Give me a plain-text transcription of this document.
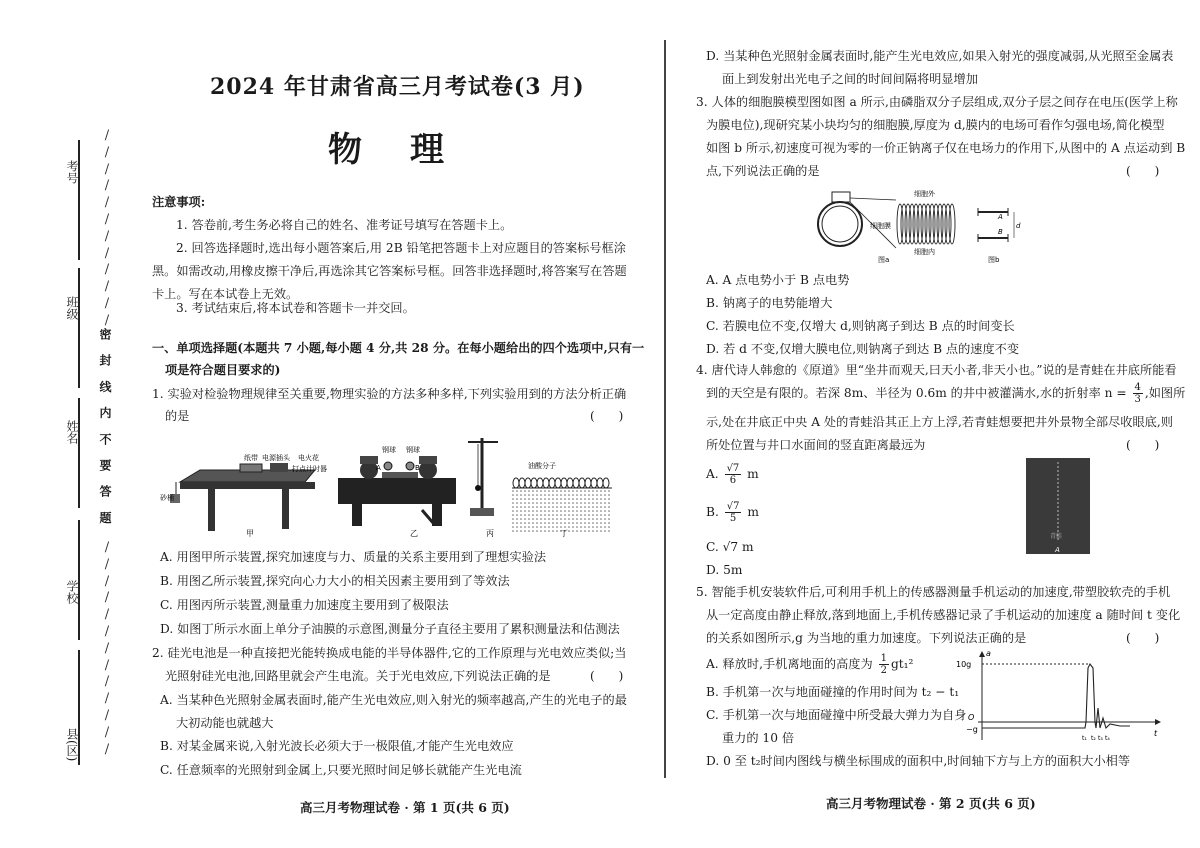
考号
班级
姓名
学校
县(区)
/
/
/
/
/
/
/
/
/
/
/
/
密 封 线 内 不 要 答 题
/
/
/
/
/
/
/
/
/
/
/
/
/
2024 年甘肃省高三月考试卷(3 月)
物理
注意事项:
1. 答卷前,考生务必将自己的姓名、准考证号填写在答题卡上。
2. 回答选择题时,选出每小题答案后,用 2B 铅笔把答题卡上对应题目的答案标号框涂
黑。如需改动,用橡皮擦干净后,再选涂其它答案标号框。回答非选择题时,将答案写在答题
卡上。写在本试卷上无效。
3. 考试结束后,将本试卷和答题卡一并交回。
一、单项选择题(本题共 7 小题,每小题 4 分,共 28 分。在每小题给出的四个选项中,只有一
项是符合题目要求的)
1. 实验对检验物理规律至关重要,物理实验的方法多种多样,下列实验用到的方法分析正确
的是	(　　)
纸带 电源插头 电火花
打点计时器
砂桶
甲
钢球 钢球
A	B
乙	丙
油酸分子
丁
A. 用图甲所示装置,探究加速度与力、质量的关系主要用到了理想实验法
B. 用图乙所示装置,探究向心力大小的相关因素主要用到了等效法
C. 用图丙所示装置,测量重力加速度主要用到了极限法
D. 如图丁所示水面上单分子油膜的示意图,测量分子直径主要用了累积测量法和估测法
2. 硅光电池是一种直接把光能转换成电能的半导体器件,它的工作原理与光电效应类似;当
光照射硅光电池,回路里就会产生电流。关于光电效应,下列说法正确的是	(　　)
A. 当某种色光照射金属表面时,能产生光电效应,则入射光的频率越高,产生的光电子的最
大初动能也就越大
B. 对某金属来说,入射光波长必须大于一极限值,才能产生光电效应
C. 任意频率的光照射到金属上,只要光照时间足够长就能产生光电流
高三月考物理试卷 · 第 1 页(共 6 页)
D. 当某种色光照射金属表面时,能产生光电效应,如果入射光的强度减弱,从光照至金属表
面上到发射出光电子之间的时间间隔将明显增加
3. 人体的细胞膜模型图如图 a 所示,由磷脂双分子层组成,双分子层之间存在电压(医学上称
为膜电位),现研究某小块均匀的细胞膜,厚度为 d,膜内的电场可看作匀强电场,简化模型
如图 b 所示,初速度可视为零的一价正钠离子仅在电场力的作用下,从图中的 A 点运动到 B
点,下列说法正确的是	(　　)
细胞外
细胞膜
细胞内
图a
A
B
d
图b
A. A 点电势小于 B 点电势
B. 钠离子的电势能增大
C. 若膜电位不变,仅增大 d,则钠离子到达 B 点的时间变长
D. 若 d 不变,仅增大膜电位,则钠离子到达 B 点的速度不变
4. 唐代诗人韩愈的《原道》里“坐井而观天,曰天小者,非天小也。”说的是青蛙在井底所能看
到的天空是有限的。若深 8m、半径为 0.6m 的井中被灌满水,水的折射率 $n = \frac{4}{3}$ ,如图所
示,处在井底正中央 A 处的青蛙沿其正上方上浮,若青蛙想要把井外景物全部尽收眼底,则
所处位置与井口水面间的竖直距离最远为	(　　)
A. $\frac{√7}{6}$ m
B. $\frac{√7}{5}$ m
C. √7 m
D. 5m
青蛙
A
5. 智能手机安装软件后,可利用手机上的传感器测量手机运动的加速度,带塑胶软壳的手机
从一定高度由静止释放,落到地面上,手机传感器记录了手机运动的加速度 a 随时间 t 变化
的关系如图所示,g 为当地的重力加速度。下列说法正确的是	(　　)
A. 释放时,手机离地面的高度为 $\frac{1}{2} gt_1^2$
B. 手机第一次与地面碰撞的作用时间为 t₂ − t₁
C. 手机第一次与地面碰撞中所受最大弹力为自身
重力的 10 倍
D. 0 至 t₂时间内图线与横坐标围成的面积中,时间轴下方与上方的面积大小相等
a
10g
O
−g	t
t₁ t₂ t₃ t₄
高三月考物理试卷 · 第 2 页(共 6 页)
